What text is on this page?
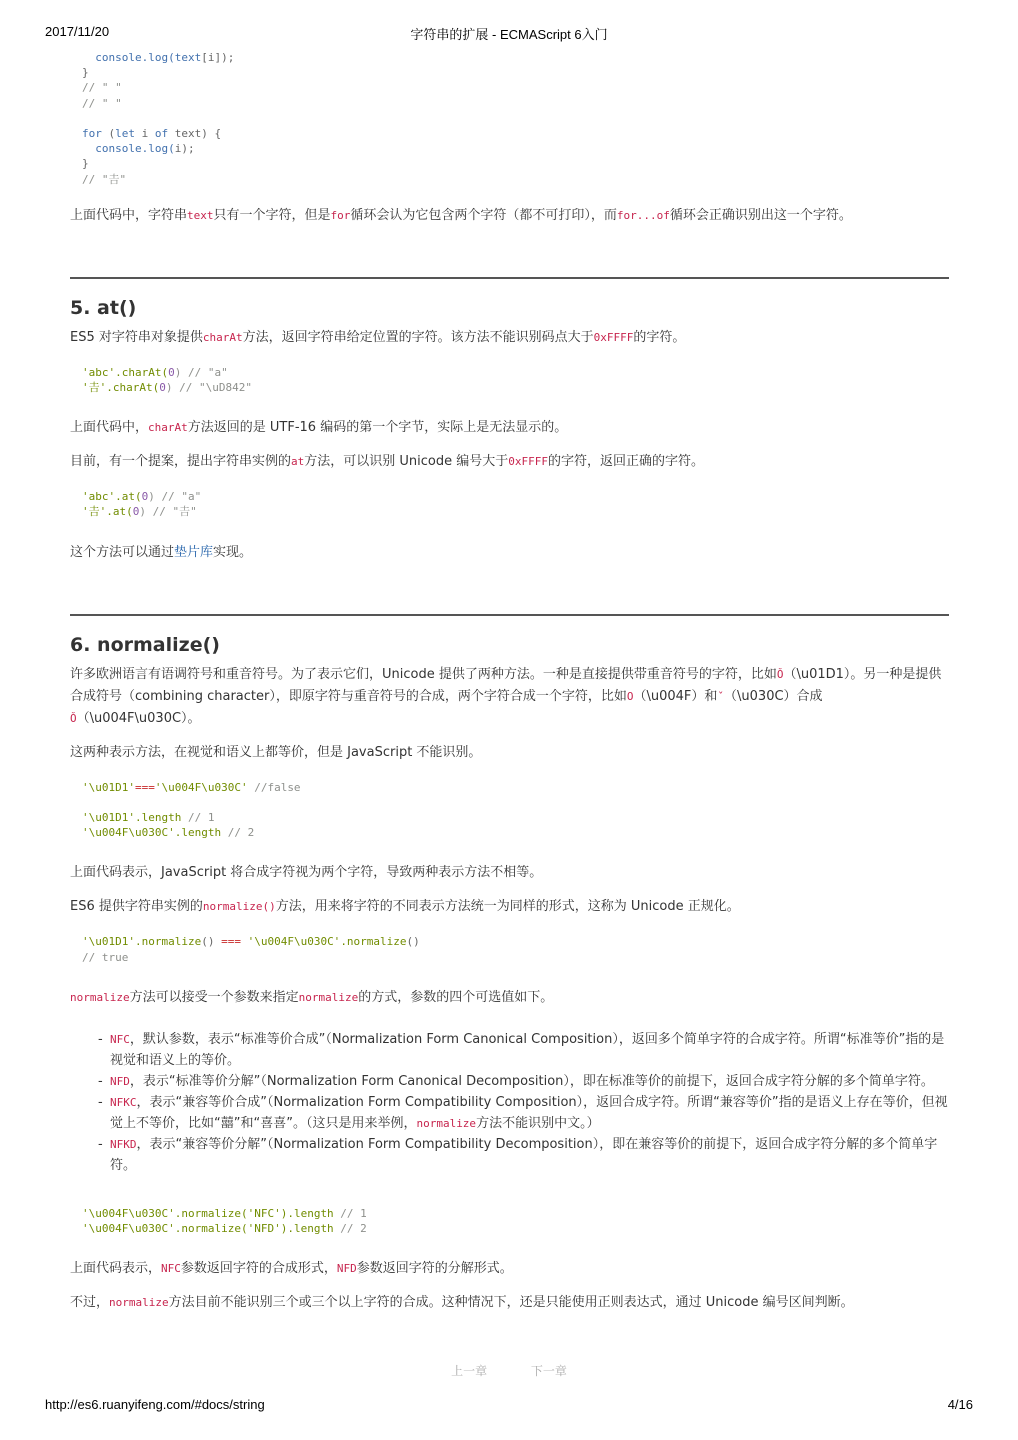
2017/11/20	字符串的扩展 - ECMAScript 6入门
console.log(text[i]);
}
// " "
// " "

for (let i of text) {
console.log(i);
}
// "𠮷"

上面代码中，字符串text只有一个字符，但是for循环会认为它包含两个字符（都不可打印），而for...of循环会正确识别出这一个字符。

5. at()

ES5 对字符串对象提供charAt方法，返回字符串给定位置的字符。该方法不能识别码点大于0xFFFF的字符。

'abc'.charAt(0) // "a"
'𠮷'.charAt(0) // "\uD842"

上面代码中，charAt方法返回的是 UTF-16 编码的第一个字节，实际上是无法显示的。

目前，有一个提案，提出字符串实例的at方法，可以识别 Unicode 编号大于0xFFFF的字符，返回正确的字符。

'abc'.at(0) // "a"
'𠮷'.at(0) // "𠮷"

这个方法可以通过垫片库实现。

6. normalize()

许多欧洲语言有语调符号和重音符号。为了表示它们，Unicode 提供了两种方法。一种是直接提供带重音符号的字符，比如Ǒ（\u01D1）。另一种是提供合成符号（combining character），即原字符与重音符号的合成，两个字符合成一个字符，比如O（\u004F）和ˇ（\u030C）合成
Ǒ（\u004F\u030C）。

这两种表示方法，在视觉和语义上都等价，但是 JavaScript 不能识别。

'\u01D1'==='\u004F\u030C' //false

'\u01D1'.length // 1
'\u004F\u030C'.length // 2

上面代码表示，JavaScript 将合成字符视为两个字符，导致两种表示方法不相等。

ES6 提供字符串实例的normalize()方法，用来将字符的不同表示方法统一为同样的形式，这称为 Unicode 正规化。

'\u01D1'.normalize() === '\u004F\u030C'.normalize()
// true

normalize方法可以接受一个参数来指定normalize的方式，参数的四个可选值如下。

- NFC，默认参数，表示“标准等价合成”（Normalization Form Canonical Composition），返回多个简单字符的合成字符。所谓“标准等价”指的是视觉和语义上的等价。
- NFD，表示“标准等价分解”（Normalization Form Canonical Decomposition），即在标准等价的前提下，返回合成字符分解的多个简单字符。
- NFKC，表示“兼容等价合成”（Normalization Form Compatibility Composition），返回合成字符。所谓“兼容等价”指的是语义上存在等价，但视觉上不等价，比如“囍”和“喜喜”。（这只是用来举例，normalize方法不能识别中文。）
- NFKD，表示“兼容等价分解”（Normalization Form Compatibility Decomposition），即在兼容等价的前提下，返回合成字符分解的多个简单字符。
'\u004F\u030C'.normalize('NFC').length // 1
'\u004F\u030C'.normalize('NFD').length // 2

上面代码表示，NFC参数返回字符的合成形式，NFD参数返回字符的分解形式。

不过，normalize方法目前不能识别三个或三个以上字符的合成。这种情况下，还是只能使用正则表达式，通过 Unicode 编号区间判断。

上一章	下一章
http://es6.ruanyifeng.com/#docs/string	4/16
